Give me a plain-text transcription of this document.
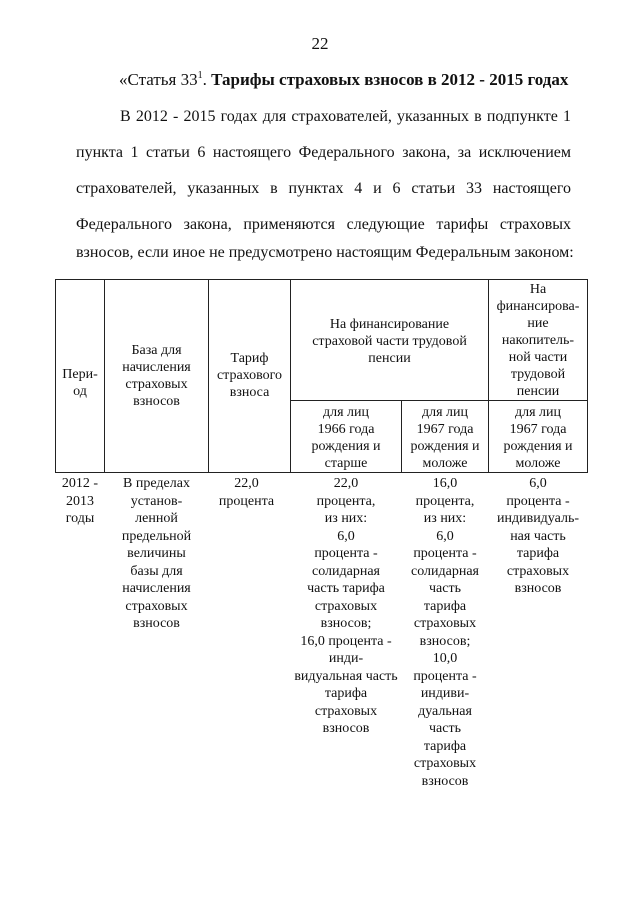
22
«Статья $33^1$. Тарифы страховых взносов в 2012 - 2015 годах
В 2012 - 2015 годах для страхователей, указанных в подпункте 1
пункта 1 статьи 6 настоящего Федерального закона, за исключением
страхователей, указанных в пунктах 4 и 6 статьи 33 настоящего
Федерального закона, применяются следующие тарифы страховых
взносов, если иное не предусмотрено настоящим Федеральным законом:
Пери-
од
База для
начисления
страховых
взносов
Тариф
страхового
взноса
На финансирование
страховой части трудовой
пенсии
На
финансирова-
ние
накопитель-
ной части
трудовой
пенсии
для лиц
1966 года
рождения и
старше
для лиц
1967 года
рождения и
моложе
для лиц
1967 года
рождения и
моложе
2012 -
2013
годы
В пределах
установ-
ленной
предельной
величины
базы для
начисления
страховых
взносов
22,0
процента
22,0
процента,
из них:
6,0
процента -
солидарная
часть тарифа
страховых
взносов;
16,0 процента -
инди-
видуальная часть
тарифа
страховых
взносов
16,0
процента,
из них:
6,0
процента -
солидарная
часть
тарифа
страховых
взносов;
10,0
процента -
индиви-
дуальная
часть
тарифа
страховых
взносов
6,0
процента -
индивидуаль-
ная часть
тарифа
страховых
взносов
